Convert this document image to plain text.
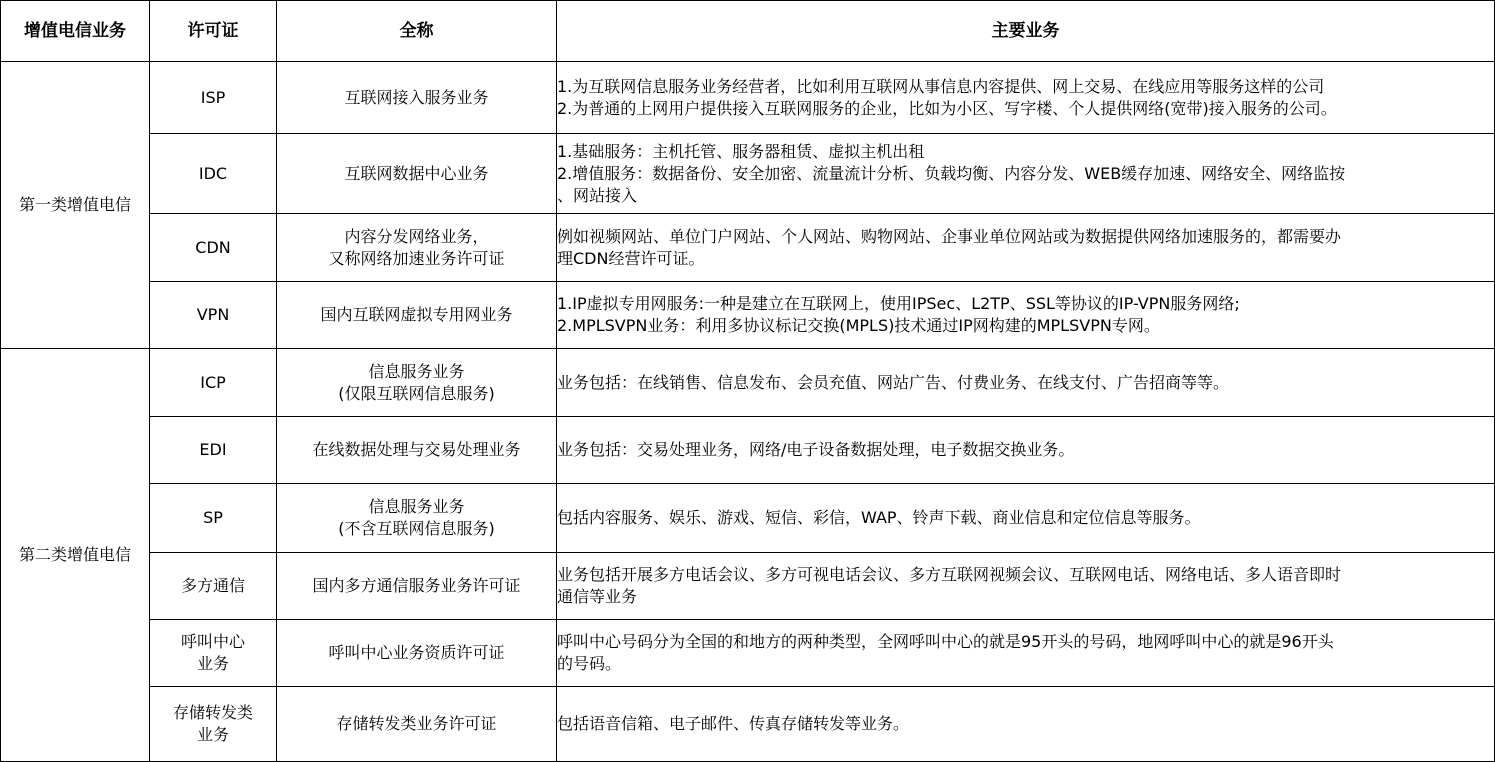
增值电信业务	许可证	全称	主要业务
第一类增值电信	ISP	互联网接入服务业务	1.为互联网信息服务业务经营者，比如利用互联网从事信息内容提供、网上交易、在线应用等服务这样的公司
2.为普通的上网用户提供接入互联网服务的企业，比如为小区、写字楼、个人提供网络(宽带)接入服务的公司。

	IDC	互联网数据中心业务	1.基础服务：主机托管、服务器租赁、虚拟主机出租
2.增值服务：数据备份、安全加密、流量流计分析、负载均衡、内容分发、WEB缓存加速、网络安全、网络监按
、网站接入

	CDN	内容分发网络业务，
又称网络加速业务许可证	例如视频网站、单位门户网站、个人网站、购物网站、企事业单位网站或为数据提供网络加速服务的，都需要办
理CDN经营许可证。

	VPN	国内互联网虚拟专用网业务	1.IP虚拟专用网服务:一种是建立在互联网上，使用IPSec、L2TP、SSL等协议的IP-VPN服务网络;
2.MPLSVPN业务：利用多协议标记交换(MPLS)技术通过IP网构建的MPLSVPN专网。

第二类增值电信	ICP	信息服务业务
(仅限互联网信息服务)	业务包括：在线销售、信息发布、会员充值、网站广告、付费业务、在线支付、广告招商等等。

	EDI	在线数据处理与交易处理业务	业务包括：交易处理业务，网络/电子设备数据处理，电子数据交换业务。

	SP	信息服务业务
(不含互联网信息服务)	包括内容服务、娱乐、游戏、短信、彩信，WAP、铃声下载、商业信息和定位信息等服务。

	多方通信	国内多方通信服务业务许可证	业务包括开展多方电话会议、多方可视电话会议、多方互联网视频会议、互联网电话、网络电话、多人语音即时
通信等业务

	呼叫中心
业务	呼叫中心业务资质许可证	呼叫中心号码分为全国的和地方的两种类型，全网呼叫中心的就是95开头的号码，地网呼叫中心的就是96开头
的号码。

	存储转发类
业务	存储转发类业务许可证	包括语音信箱、电子邮件、传真存储转发等业务。
